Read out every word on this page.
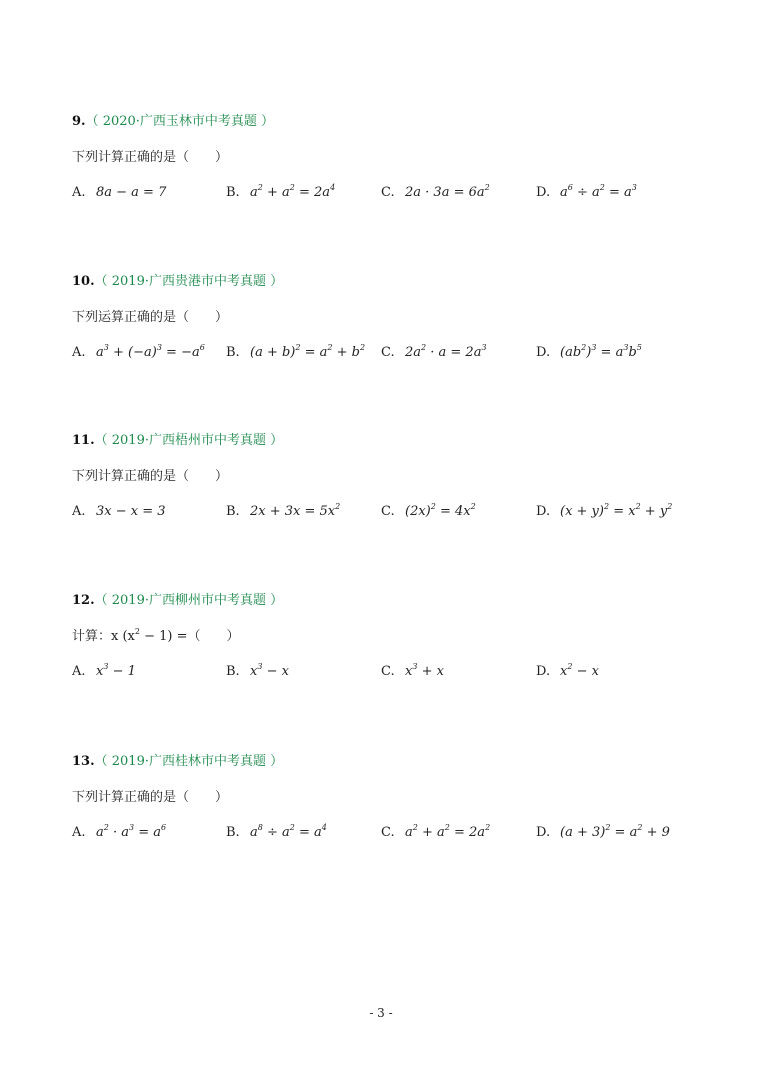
9.（ 2020·广西玉林市中考真题 ）
下列计算正确的是（　　）
A. 8a − a = 7	B. $a^2 + a^2 = 2a^4$	C. $2a \cdot 3a = 6a^2$	D. $a^6 \div a^2 = a^3$
10.（ 2019·广西贵港市中考真题 ）
下列运算正确的是（　　）
A. $a^3 + (-a)^3 = -a^6$ B. $(a + b)^2 = a^2 + b^2$ C. $2a^2 \cdot a = 2a^3$	D. $(ab^2)^3 = a^3b^5$
11.（ 2019·广西梧州市中考真题 ）
下列计算正确的是（　　）
A. 3x − x = 3	B. $2x + 3x = 5x^2$	C. $(2x)^2 = 4x^2$	D. $(x + y)^2 = x^2 + y^2$
12.（ 2019·广西柳州市中考真题 ）
计算：x $(x^2 - 1)$ =（　　）
A. $x^3 - 1$	B. $x^3 - x$	C. $x^3 + x$	D. $x^2 - x$
13.（ 2019·广西桂林市中考真题 ）
下列计算正确的是（　　）
A. $a^2 \cdot a^3 = a^6$	B. $a^8 \div a^2 = a^4$	C. $a^2 + a^2 = 2a^2$	D. $(a + 3)^2 = a^2 + 9$
- 3 -
